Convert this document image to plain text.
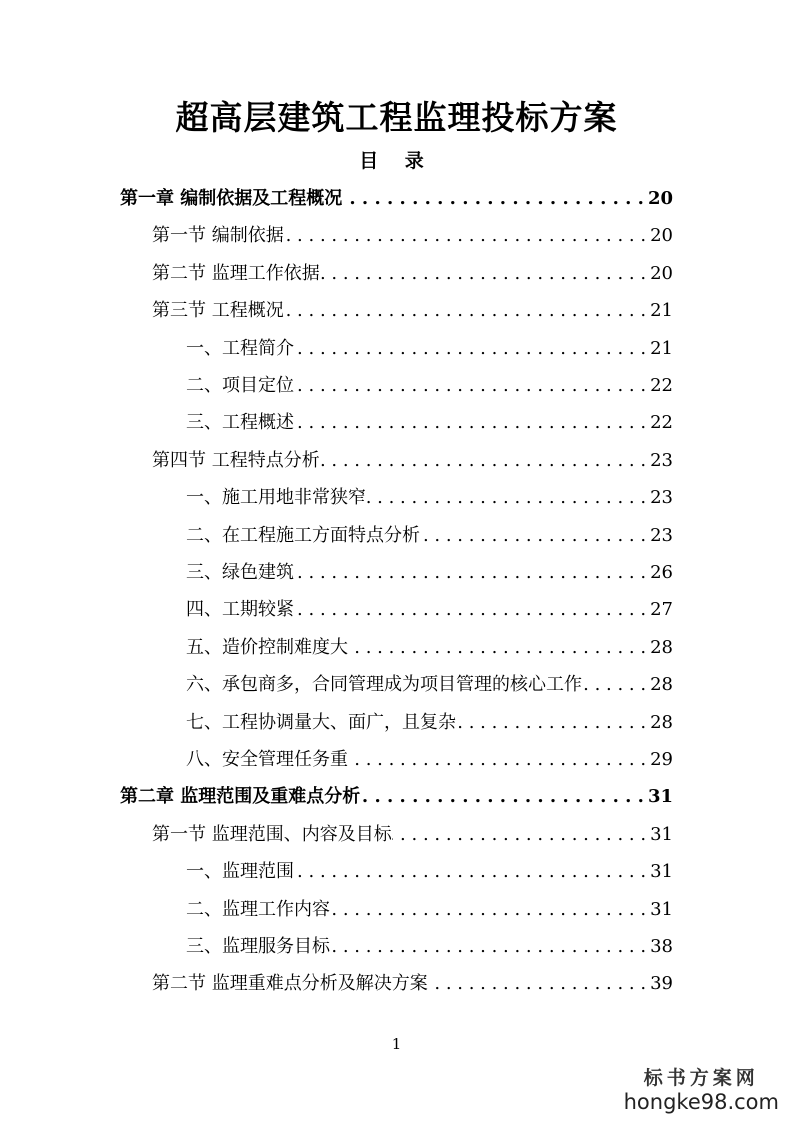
超高层建筑工程监理投标方案
目 录
第一章 编制依据及工程概况 . . .	20
第一节 编制依据 . . .	20
第二节 监理工作依据 . . .	20
第三节 工程概况 . . .	21
一、工程简介 . . .	21
二、项目定位 . . .	22
三、工程概述 . . .	22
第四节 工程特点分析 . . .	23
一、施工用地非常狭窄 . . .	23
二、在工程施工方面特点分析 . . .	23
三、绿色建筑 . . .	26
四、工期较紧 . . .	27
五、造价控制难度大 . . .	28
六、承包商多，合同管理成为项目管理的核心工作 . . .	28
七、工程协调量大、面广，且复杂 . . .	28
八、安全管理任务重 . . .	29
第二章 监理范围及重难点分析 . . .	31
第一节 监理范围、内容及目标 . . .	31
一、监理范围 . . .	31
二、监理工作内容 . . .	31
三、监理服务目标 . . .	38
第二节 监理重难点分析及解决方案 . . .	39
1
标书方案网
hongke98.com
